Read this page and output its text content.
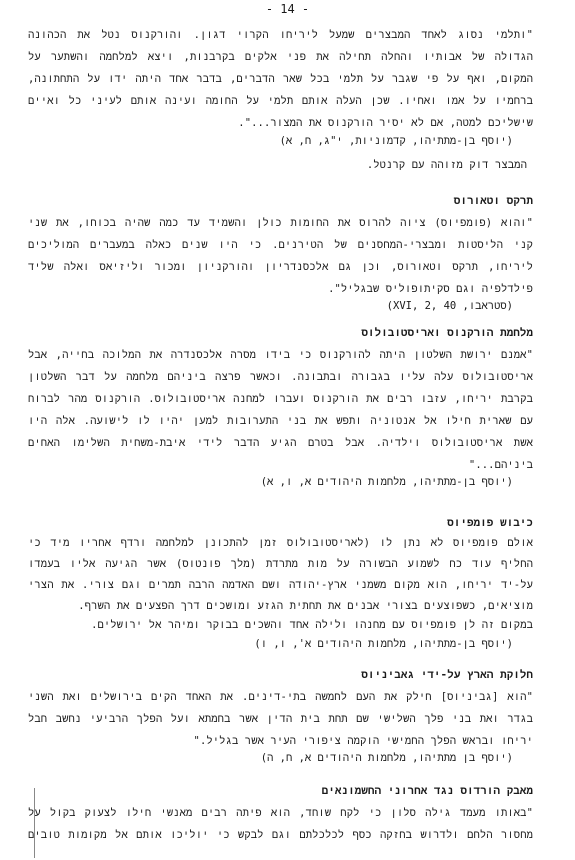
- 14 -
"ותלמי נסוג לאחד המבצרים שמעל ליריחו הקרוי דגון. והורקנוס נטל את הכהונה
הגדולה של אבותיו והחלה תחילה את פני אלקים בקרבנות, ויצא למלחמה והשתער על
המקום, ואף על פי שגבר על תלמי בכל שאר הדברים, בדבר אחד היתה ידו על התחתונה,
ברחמיו על אמו ואחיו. שכן העלה אותם תלמי על החומה ועינה אותם לעיני כל ואיים
שישליכם למטה, אם לא יסיר הורקנוס את המצור...".
(יוסף בן-מתתיהו, קדמוניות, י"ג, ח, א)
המבצר דוק מזוהה עם קרנטל.
תרקס וטאורוס
"והוא (פומפיוס) ציוה להרוס את החומות כולן והשמיד עד כמה שהיה בכוחו, את שני
קני הליסטות ומבצרי-המחסנים של הטירנים. כי היו שנים כאלה במעברים המוליכים
ליריחו, תרקס וטאורוס, וכן גם אלכסנדריון והורקניון ומכור וליזיאס ואלה שליד
פילדלפיה וגם סקיתופוליס שבגליל".
(סטראבו, XVI, 2, 40)
מלחמת הורקנוס ואריסטובולוס
"אמנם ירושת השלטון היתה להורקנוס כי בידו מסרה אלכסנדרה את המלוכה בחייה, אבל
אריסטובולוס עלה עליו בגבורה ובתבונה. וכאשר פרצה ביניהם מלחמה על דבר השלטון
בקרבת יריחו, עזבו רבים את הורקנוס ועברו למחנה אריסטובולוס. הורקנוס מהר לברוח
עם שארית חילו אל אנטוניה ותפש את בני התערובות למען יהיו לו לישועה. אלה היו
אשת אריסטובולוס וילדיה. אבל בטרם הגיע הדבר לידי איבת-משחית השלימו האחים
ביניהם..."
(יוסף בן-מתתיהו, מלחמות היהודים א, ו, א)
כיבוש פומפיוס
אולם פומפיוס לא נתן לו (לאריסטובולוס זמן להתכונן למלחמה ורדף אחריו מיד כי
החליף עוד כח לשמוע הבשורה על מות מתרדת (מלך פונטוס) אשר הגיעה אליו בעמדו
על-יד יריחו, הוא מקום משמני ארץ-יהודה ושם האדמה הרבה תמרים וגם צורי. את הצרי
מוציאים, כשפוצעים בצורי אבנים את תחתית הגזע ומושכים דרך הפצעים את השרף.
במקום זה לן פומפיוס עם מחנהו ולילה אחד והשכים בבוקר ומיהר אל ירושלים.
(יוסף בן-מתתיהו, מלחמות היהודים א', ו, ו)
חלוקת הארץ על-ידי גאביניוס
"הוא [גביניוס] חילק את העם לחמשה בתי-דינים. את האחד הקים בירושלים ואת השני
בגדר ואת בני פלך השלישי שם תחת בית הדין אשר בחמתא ועל הפלך הרביעי נחשב חבל
יריחו ובראש הפלך החמישי הוקמה ציפורי העיר אשר בגליל."
(יוסף בן מתתיהו, מלחמות היהודים א, ח, ה)
מאבק הורדוס נגד אחרוני החשמונאים
"באותו מעמד גילה סלון כי לקח שוחד, הוא פיתה רבים מאנשי חילו לצעוק בקול על
מחסור הלחם ולדרוש בחזקה כסף לכלכלתם וגם לבקש כי יוליכו אותם אל מקומות טובים
